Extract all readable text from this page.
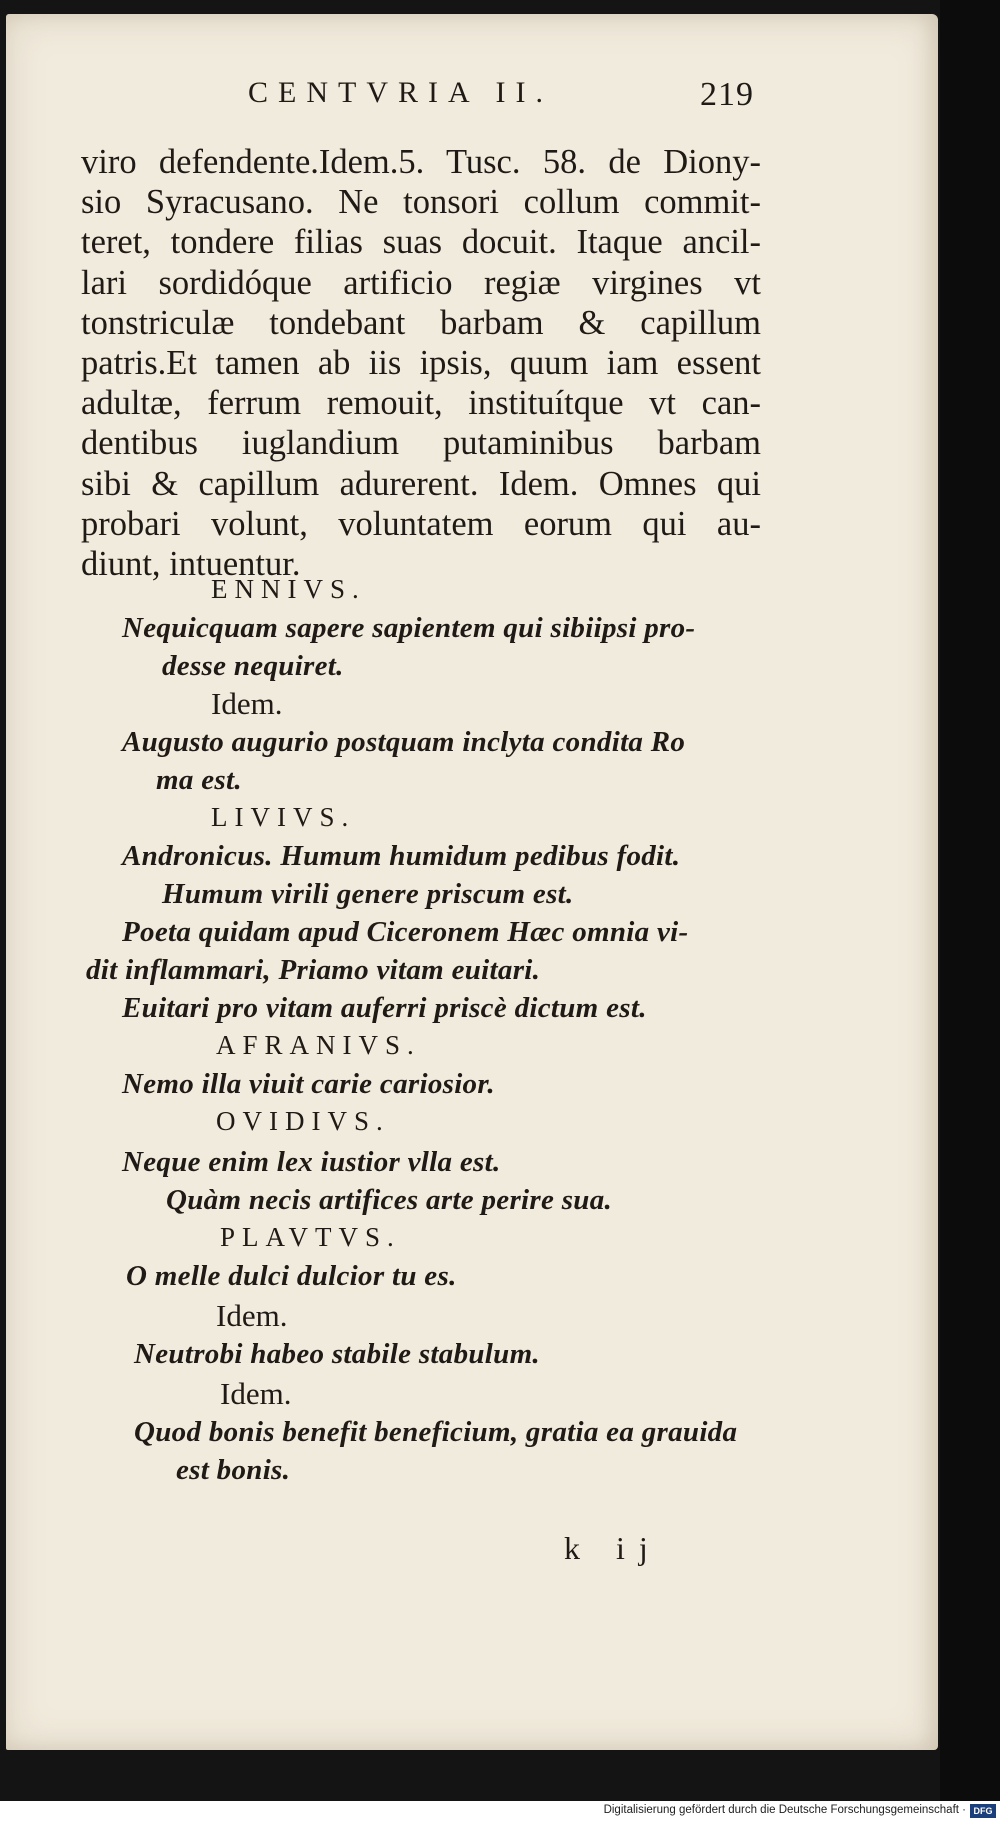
CENTVRIA II.	219
viro defendente.Idem.5. Tusc. 58. de Diony-
sio Syracusano. Ne tonsori collum commit-
teret, tondere filias suas docuit. Itaque ancil-
lari sordidóque artificio regiæ virgines vt
tonstriculæ tondebant barbam & capillum
patris.Et tamen ab iis ipsis, quum iam essent
adultæ, ferrum remouit, instituítque vt can-
dentibus iuglandium putaminibus barbam
sibi & capillum adurerent. Idem. Omnes qui
probari volunt, voluntatem eorum qui au-
diunt, intuentur.
ENNIVS.
Nequicquam sapere sapientem qui sibiipsi pro-
desse nequiret.
Idem.
Augusto augurio postquam inclyta condita Ro
ma est.
LIVIVS.
Andronicus. Humum humidum pedibus fodit.
Humum virili genere priscum est.
Poeta quidam apud Ciceronem Hæc omnia vi-
dit inflammari, Priamo vitam euitari.
Euitari pro vitam auferri priscè dictum est.
AFRANIVS.
Nemo illa viuit carie cariosior.
OVIDIVS.
Neque enim lex iustior vlla est.
Quàm necis artifices arte perire sua.
PLAVTVS.
O melle dulci dulcior tu es.
Idem.
Neutrobi habeo stabile stabulum.
Idem.
Quod bonis benefit beneficium, gratia ea grauida
est bonis.
k ij
Digitalisierung gefördert durch die Deutsche Forschungsgemeinschaft · DFG
